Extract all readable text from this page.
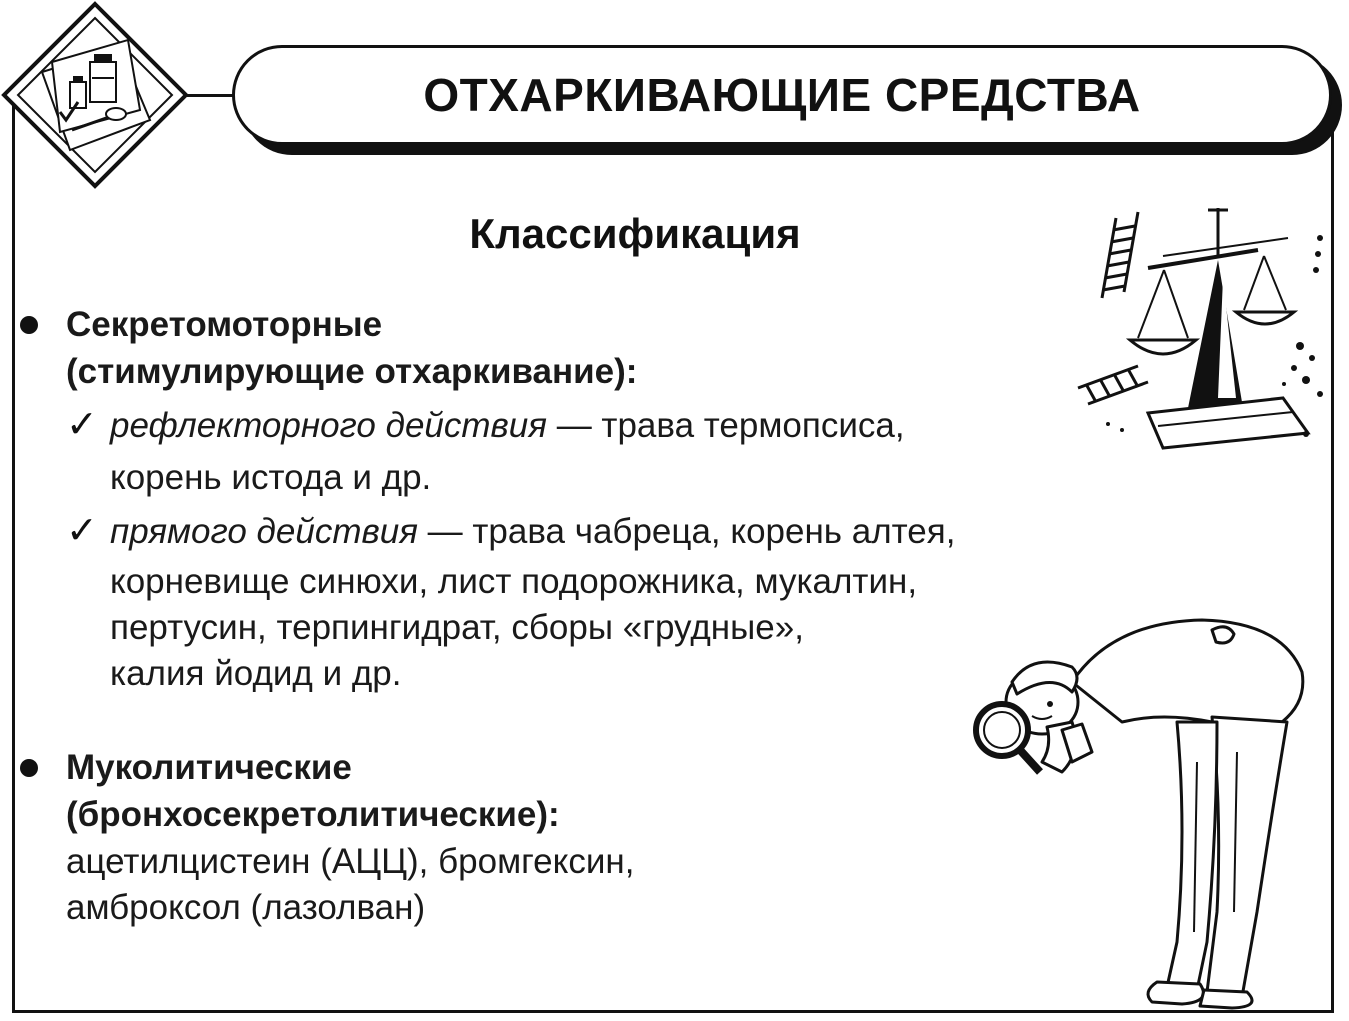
ОТХАРКИВАЮЩИЕ СРЕДСТВА
Классификация
Секретомоторные
(стимулирующие отхаркивание):
✓ рефлекторного действия — трава термопсиса,
корень истода и др.
✓ прямого действия — трава чабреца, корень алтея,
корневище синюхи, лист подорожника, мукалтин,
пертусин, терпингидрат, сборы «грудные»,
калия йодид и др.
Муколитические
(бронхосекретолитические):
ацетилцистеин (АЦЦ), бромгексин,
амброксол (лазолван)
